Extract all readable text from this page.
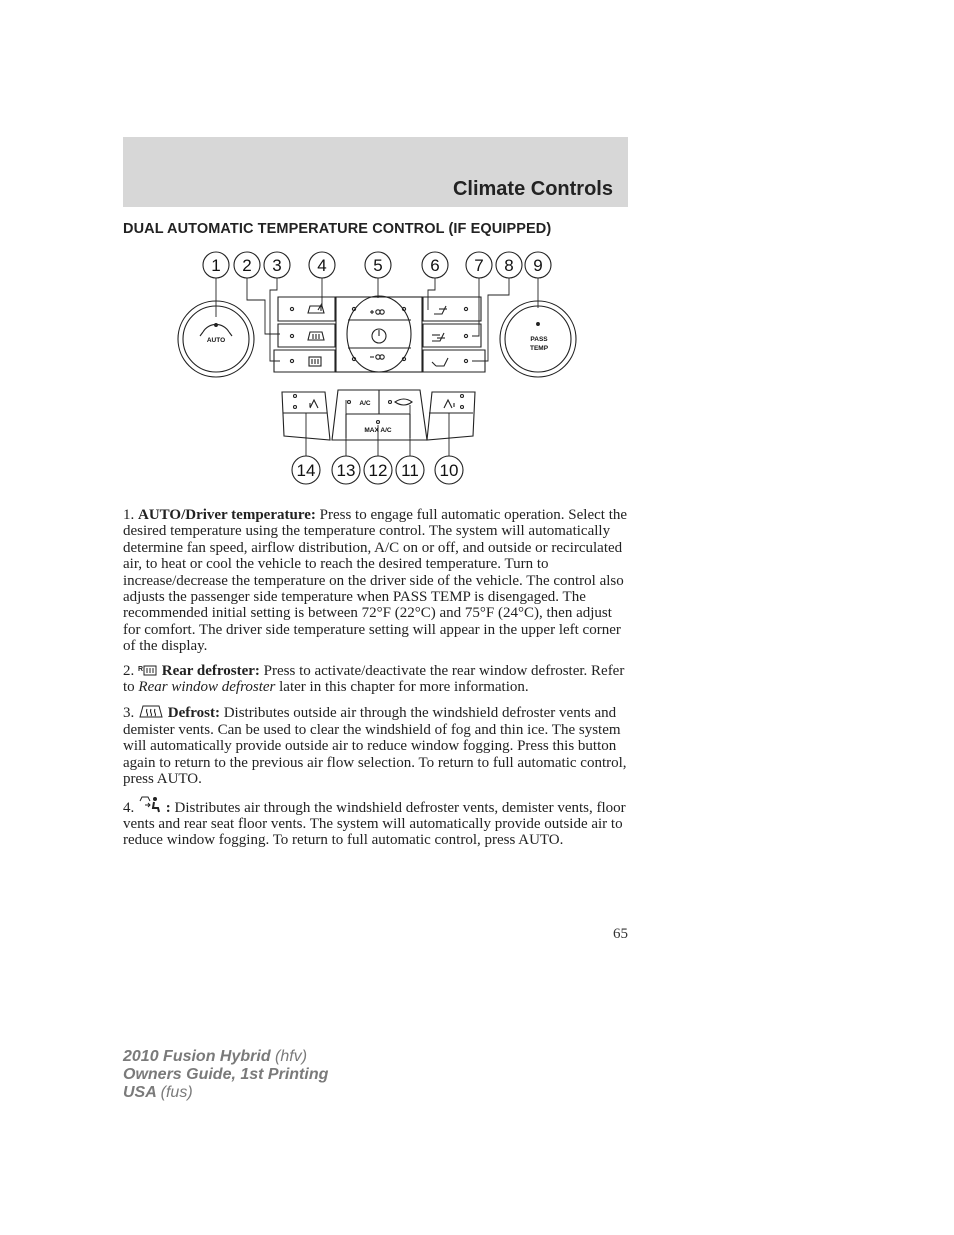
Climate Controls
DUAL AUTOMATIC TEMPERATURE CONTROL (IF EQUIPPED)
1 2 3 4	5	6 7 8 9
14 13 12 11 10
AUTO	PASS
TEMP
A/C
MAX A/C

1. AUTO/Driver temperature: Press to engage full automatic operation. Select the desired temperature using the temperature control. The system will automatically determine fan speed, airflow distribution, A/C on or off, and outside or recirculated air, to heat or cool the vehicle to reach the desired temperature. Turn to increase/decrease the temperature on the driver side of the vehicle. The control also adjusts the passenger side temperature when PASS TEMP is disengaged. The recommended initial setting is between 72°F (22°C) and 75°F (24°C), then adjust for comfort. The driver side temperature setting will appear in the upper left corner of the display.

2. R Rear defroster: Press to activate/deactivate the rear window defroster. Refer to Rear window defroster later in this chapter for more information.

3. Defrost: Distributes outside air through the windshield defroster vents and demister vents. Can be used to clear the windshield of fog and thin ice. The system will automatically provide outside air to reduce window fogging. Press this button again to return to the previous air flow selection. To return to full automatic control, press AUTO.

4. : Distributes air through the windshield defroster vents, demister vents, floor vents and rear seat floor vents. The system will automatically provide outside air to reduce window fogging. To return to full automatic control, press AUTO.

65
2010 Fusion Hybrid (hfv)
Owners Guide, 1st Printing
USA (fus)
